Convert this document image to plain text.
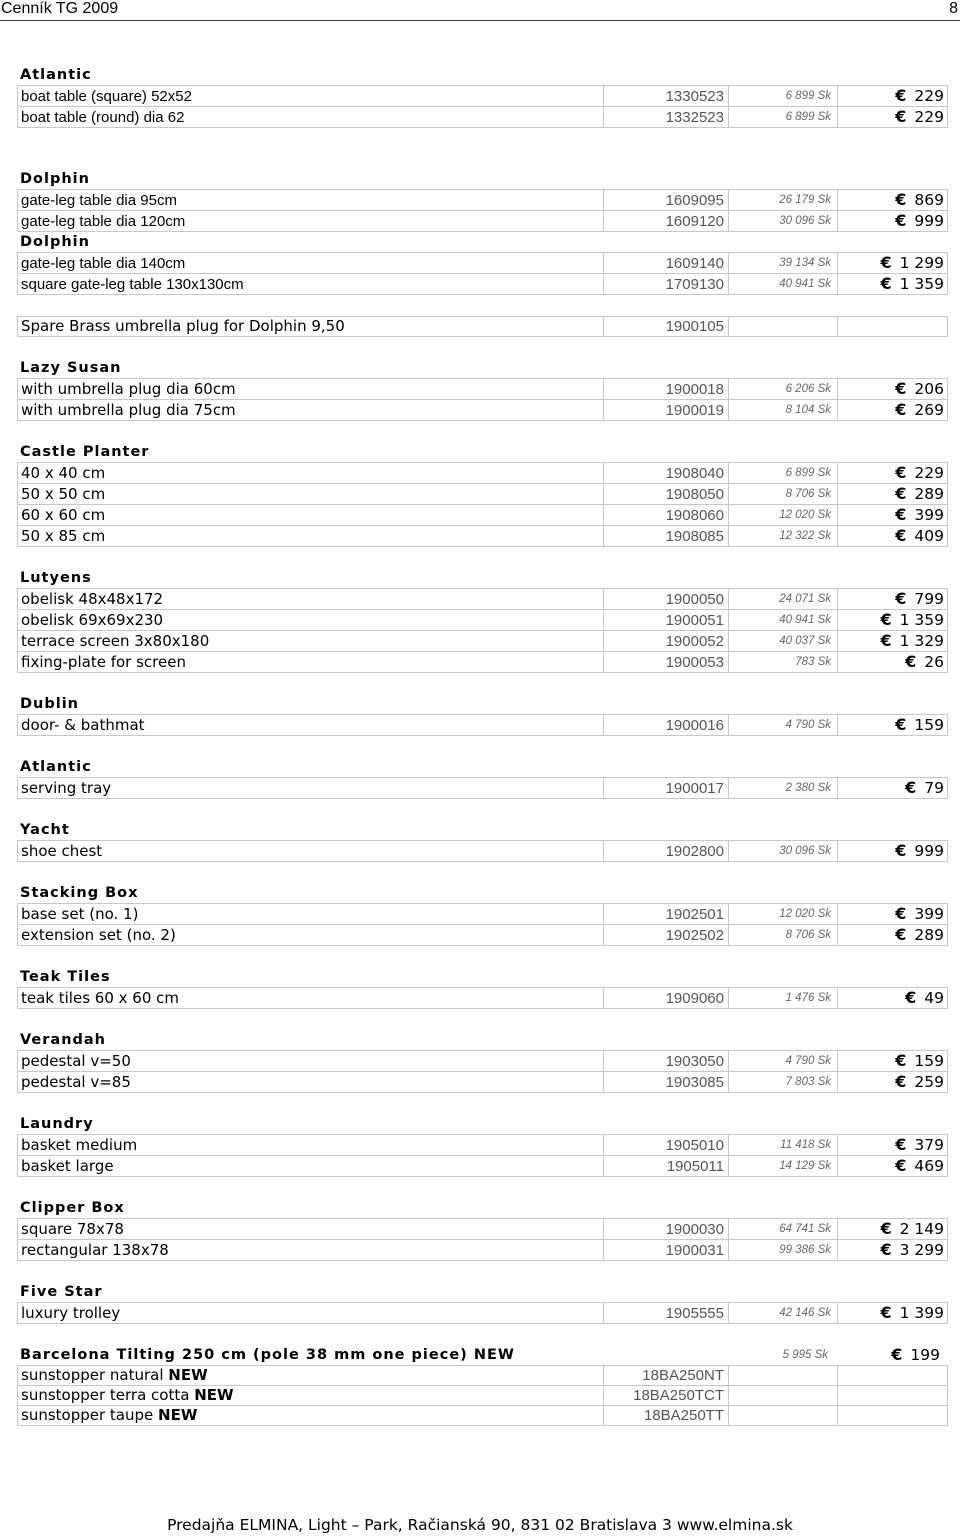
Cenník TG 2009	8
Atlantic
boat table (square) 52x52	1330523	6 899 Sk	€ 229
boat table (round) dia 62	1332523	6 899 Sk	€ 229
Dolphin
gate-leg table dia 95cm	1609095	26 179 Sk	€ 869
gate-leg table dia 120cm	1609120	30 096 Sk	€ 999
Dolphin
gate-leg table dia 140cm	1609140	39 134 Sk	€ 1 299
square gate-leg table 130x130cm	1709130	40 941 Sk	€ 1 359
Spare Brass umbrella plug for Dolphin 9,50	1900105		
Lazy Susan
with umbrella plug dia 60cm	1900018	6 206 Sk	€ 206
with umbrella plug dia 75cm	1900019	8 104 Sk	€ 269
Castle Planter
40 x 40 cm	1908040	6 899 Sk	€ 229
50 x 50 cm	1908050	8 706 Sk	€ 289
60 x 60 cm	1908060	12 020 Sk	€ 399
50 x 85 cm	1908085	12 322 Sk	€ 409
Lutyens
obelisk 48x48x172	1900050	24 071 Sk	€ 799
obelisk 69x69x230	1900051	40 941 Sk	€ 1 359
terrace screen 3x80x180	1900052	40 037 Sk	€ 1 329
fixing-plate for screen	1900053	783 Sk	€ 26
Dublin
door- & bathmat	1900016	4 790 Sk	€ 159
Atlantic
serving tray	1900017	2 380 Sk	€ 79
Yacht
shoe chest	1902800	30 096 Sk	€ 999
Stacking Box
base set (no. 1)	1902501	12 020 Sk	€ 399
extension set (no. 2)	1902502	8 706 Sk	€ 289
Teak Tiles
teak tiles 60 x 60 cm	1909060	1 476 Sk	€ 49
Verandah
pedestal v=50	1903050	4 790 Sk	€ 159
pedestal v=85	1903085	7 803 Sk	€ 259
Laundry
basket medium	1905010	11 418 Sk	€ 379
basket large	1905011	14 129 Sk	€ 469
Clipper Box
square 78x78	1900030	64 741 Sk	€ 2 149
rectangular 138x78	1900031	99 386 Sk	€ 3 299
Five Star
luxury trolley	1905555	42 146 Sk	€ 1 399
Barcelona Tilting 250 cm (pole 38 mm one piece) NEW	5 995 Sk	€ 199
sunstopper natural NEW	18BA250NT		
sunstopper terra cotta NEW	18BA250TCT		
sunstopper taupe NEW	18BA250TT		
Predajňa ELMINA, Light – Park, Račianská 90, 831 02 Bratislava 3 www.elmina.sk
